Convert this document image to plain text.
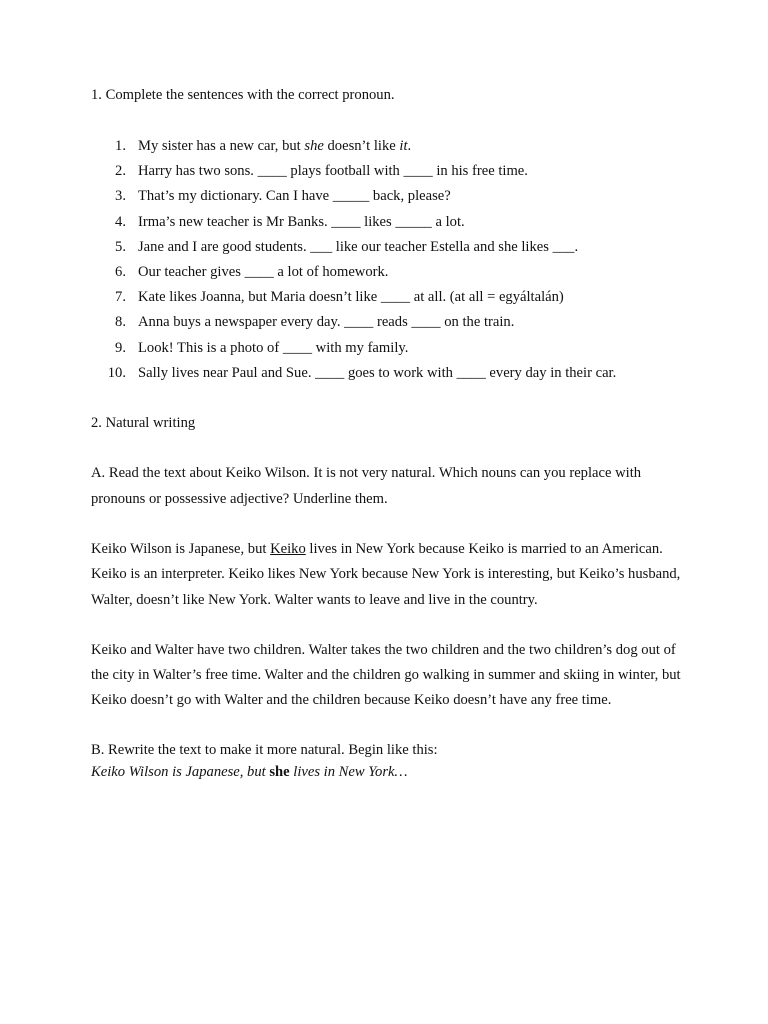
1. Complete the sentences with the correct pronoun.

1. My sister has a new car, but she doesn’t like it.
2. Harry has two sons. ____ plays football with ____ in his free time.
3. That’s my dictionary. Can I have _____ back, please?
4. Irma’s new teacher is Mr Banks. ____ likes _____ a lot.
5. Jane and I are good students. ___ like our teacher Estella and she likes ___.
6. Our teacher gives ____ a lot of homework.
7. Kate likes Joanna, but Maria doesn’t like ____ at all. (at all = egyáltalán)
8. Anna buys a newspaper every day. ____ reads ____ on the train.
9. Look! This is a photo of ____ with my family.
10. Sally lives near Paul and Sue. ____ goes to work with ____ every day in their car.

2. Natural writing

A. Read the text about Keiko Wilson. It is not very natural. Which nouns can you replace with pronouns or possessive adjective? Underline them.

Keiko Wilson is Japanese, but Keiko lives in New York because Keiko is married to an American. Keiko is an interpreter. Keiko likes New York because New York is interesting, but Keiko’s husband, Walter, doesn’t like New York. Walter wants to leave and live in the country.

Keiko and Walter have two children. Walter takes the two children and the two children’s dog out of the city in Walter’s free time. Walter and the children go walking in summer and skiing in winter, but Keiko doesn’t go with Walter and the children because Keiko doesn’t have any free time.

B. Rewrite the text to make it more natural. Begin like this:

Keiko Wilson is Japanese, but she lives in New York…
